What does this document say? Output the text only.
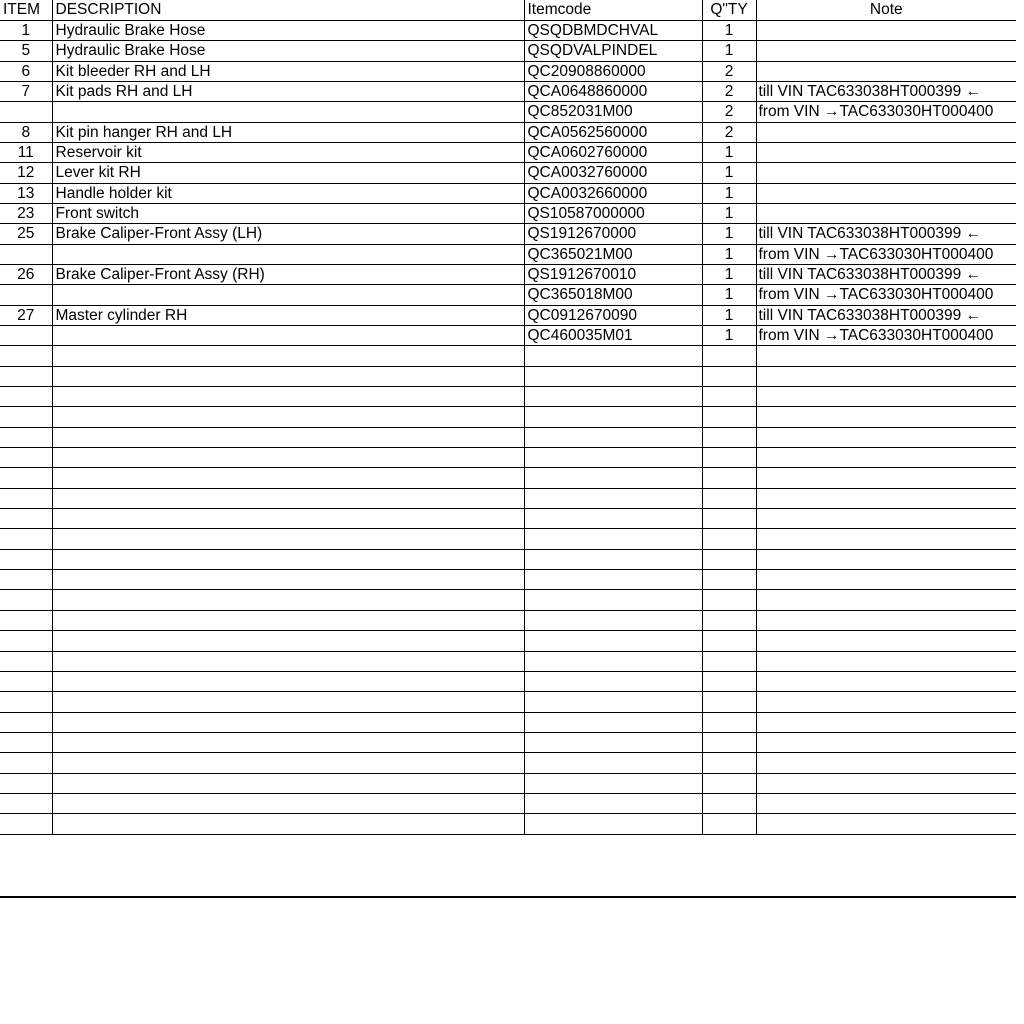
ITEM	DESCRIPTION	Itemcode	Q"TY	Note
1	Hydraulic Brake Hose	QSQDBMDCHVAL	1	
5	Hydraulic Brake Hose	QSQDVALPINDEL	1	
6	Kit bleeder RH and LH	QC20908860000	2	
7	Kit pads RH and LH	QCA0648860000	2	till VIN TAC633038HT000399 ←
		QC852031M00	2	from VIN →TAC633030HT000400
8	Kit pin hanger RH and LH	QCA0562560000	2	
11	Reservoir kit	QCA0602760000	1	
12	Lever kit RH	QCA0032760000	1	
13	Handle holder kit	QCA0032660000	1	
23	Front switch	QS10587000000	1	
25	Brake Caliper-Front Assy (LH)	QS1912670000	1	till VIN TAC633038HT000399 ←
		QC365021M00	1	from VIN →TAC633030HT000400
26	Brake Caliper-Front Assy (RH)	QS1912670010	1	till VIN TAC633038HT000399 ←
		QC365018M00	1	from VIN →TAC633030HT000400
27	Master cylinder RH	QC0912670090	1	till VIN TAC633038HT000399 ←
		QC460035M01	1	from VIN →TAC633030HT000400
